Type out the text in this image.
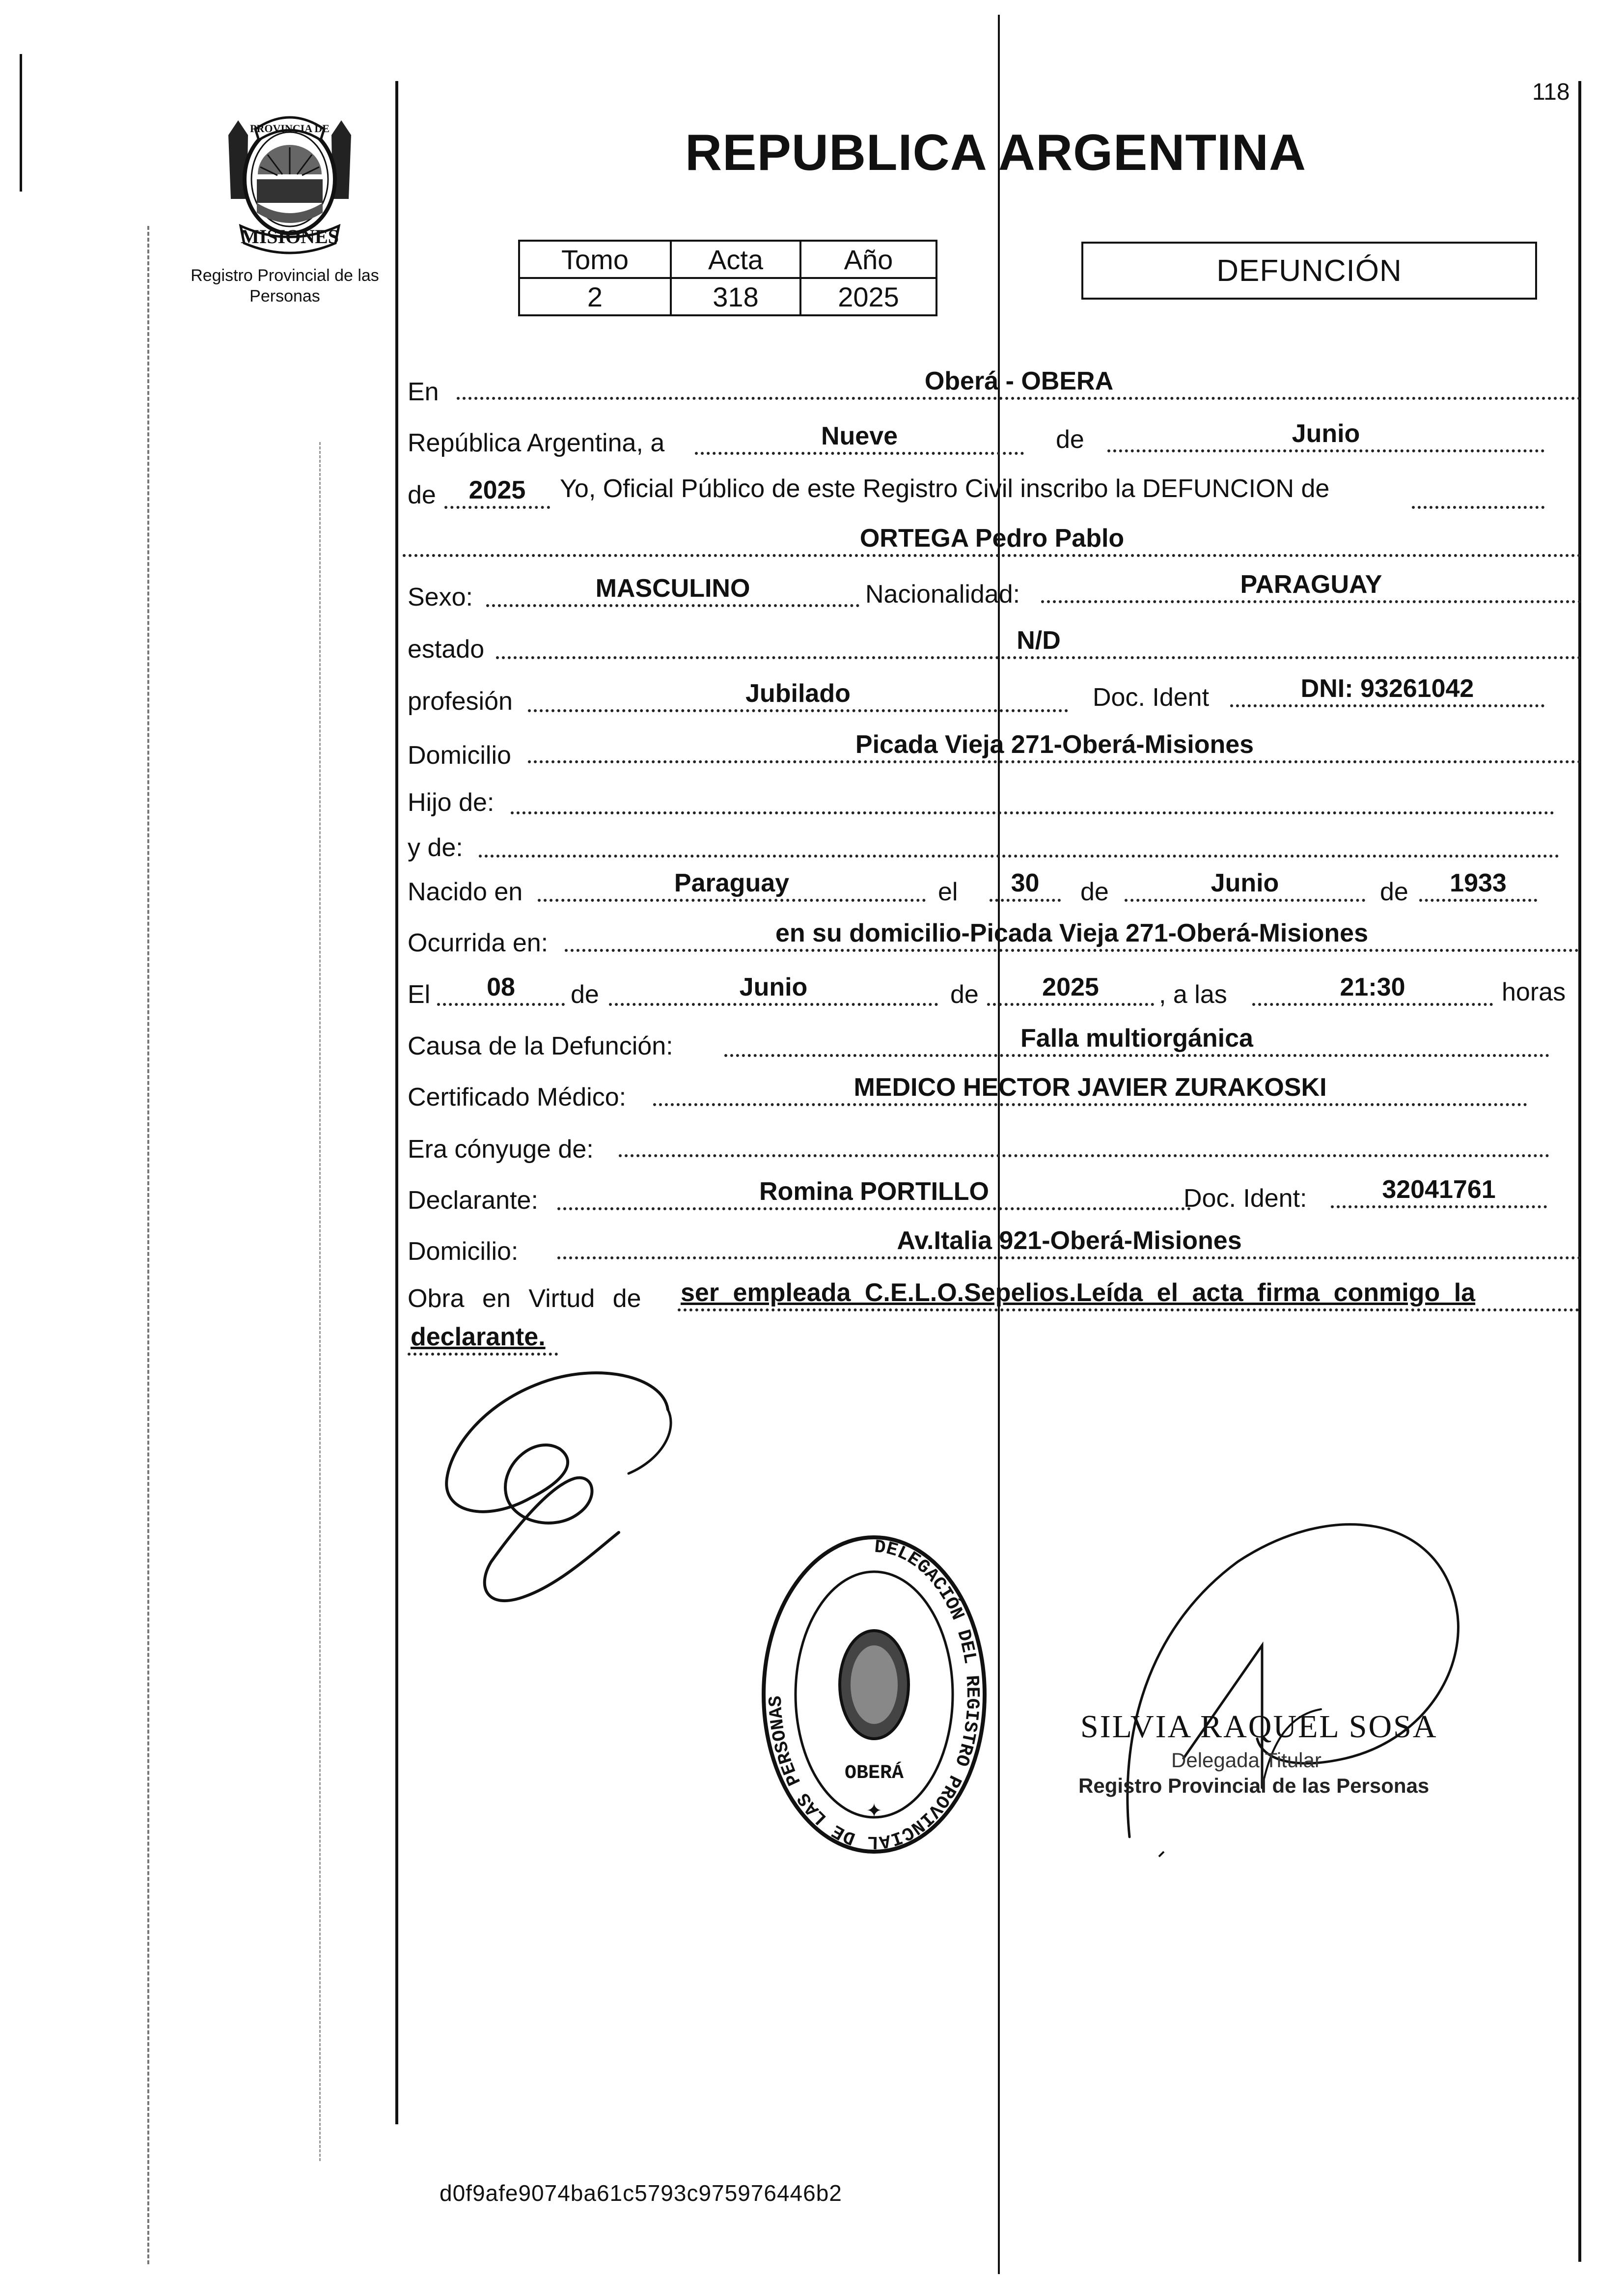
118
PROVINCIA DE
MISIONES
Registro Provincial de las Personas
REPUBLICA ARGENTINA
Tomo	Acta	Año
2	318	2025
DEFUNCIÓN
En	Oberá - OBERA
República Argentina, a	Nueve	de	Junio
de	2025	Yo, Oficial Público de este Registro Civil inscribo la DEFUNCION de
ORTEGA Pedro Pablo
Sexo:	MASCULINO	Nacionalidad:	PARAGUAY
estado	N/D
profesión	Jubilado	Doc. Ident	DNI: 93261042
Domicilio	Picada Vieja 271-Oberá-Misiones
Hijo de:
y de:
Nacido en	Paraguay	el	30	de	Junio	de	1933
Ocurrida en:	en su domicilio-Picada Vieja 271-Oberá-Misiones
El	08	de	Junio	de	2025	, a las	21:30	horas
Causa de la Defunción:	Falla multiorgánica
Certificado Médico:	MEDICO HECTOR JAVIER ZURAKOSKI
Era cónyuge de:
Declarante:	Romina PORTILLO	Doc. Ident:	32041761
Domicilio:	Av.Italia 921-Oberá-Misiones
Obra en Virtud de ser empleada C.E.L.O.Sepelios.Leída el acta firma conmigo la
declarante.
DELEGACIÓN DEL REGISTRO PROVINCIAL DE LAS PERSONAS
OBERÁ
✦
SILVIA RAQUEL SOSA
Delegada Titular
Registro Provincial de las Personas
d0f9afe9074ba61c5793c975976446b2
